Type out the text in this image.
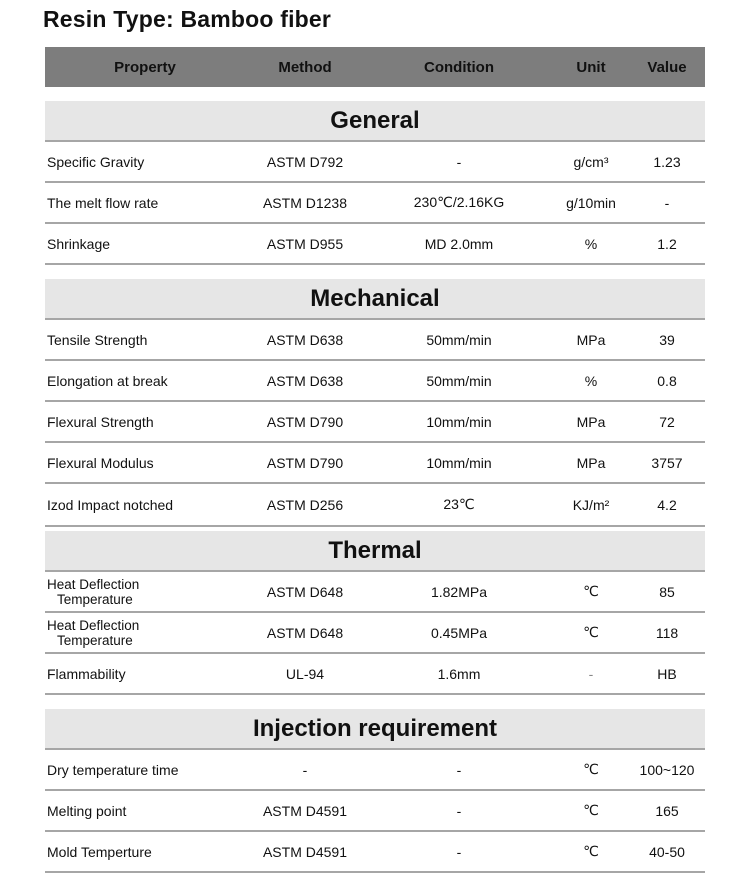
Resin Type: Bamboo fiber
Property	Method	Condition	Unit	Value
General
Specific Gravity	ASTM D792	-	g/cm³	1.23
The melt flow rate	ASTM D1238	230℃/2.16KG	g/10min	-
Shrinkage	ASTM D955	MD 2.0mm	%	1.2
Mechanical
Tensile Strength	ASTM D638	50mm/min	MPa	39
Elongation at break	ASTM D638	50mm/min	%	0.8
Flexural Strength	ASTM D790	10mm/min	MPa	72
Flexural Modulus	ASTM D790	10mm/min	MPa	3757
Izod Impact notched	ASTM D256	23℃	KJ/m²	4.2
Thermal
Heat Deflection
Temperature	ASTM D648	1.82MPa	℃	85
Heat Deflection
Temperature	ASTM D648	0.45MPa	℃	118
Flammability	UL-94	1.6mm	-	HB
Injection requirement
Dry temperature time	-	-	℃	100~120
Melting point	ASTM D4591	-	℃	165
Mold Temperture	ASTM D4591	-	℃	40-50
